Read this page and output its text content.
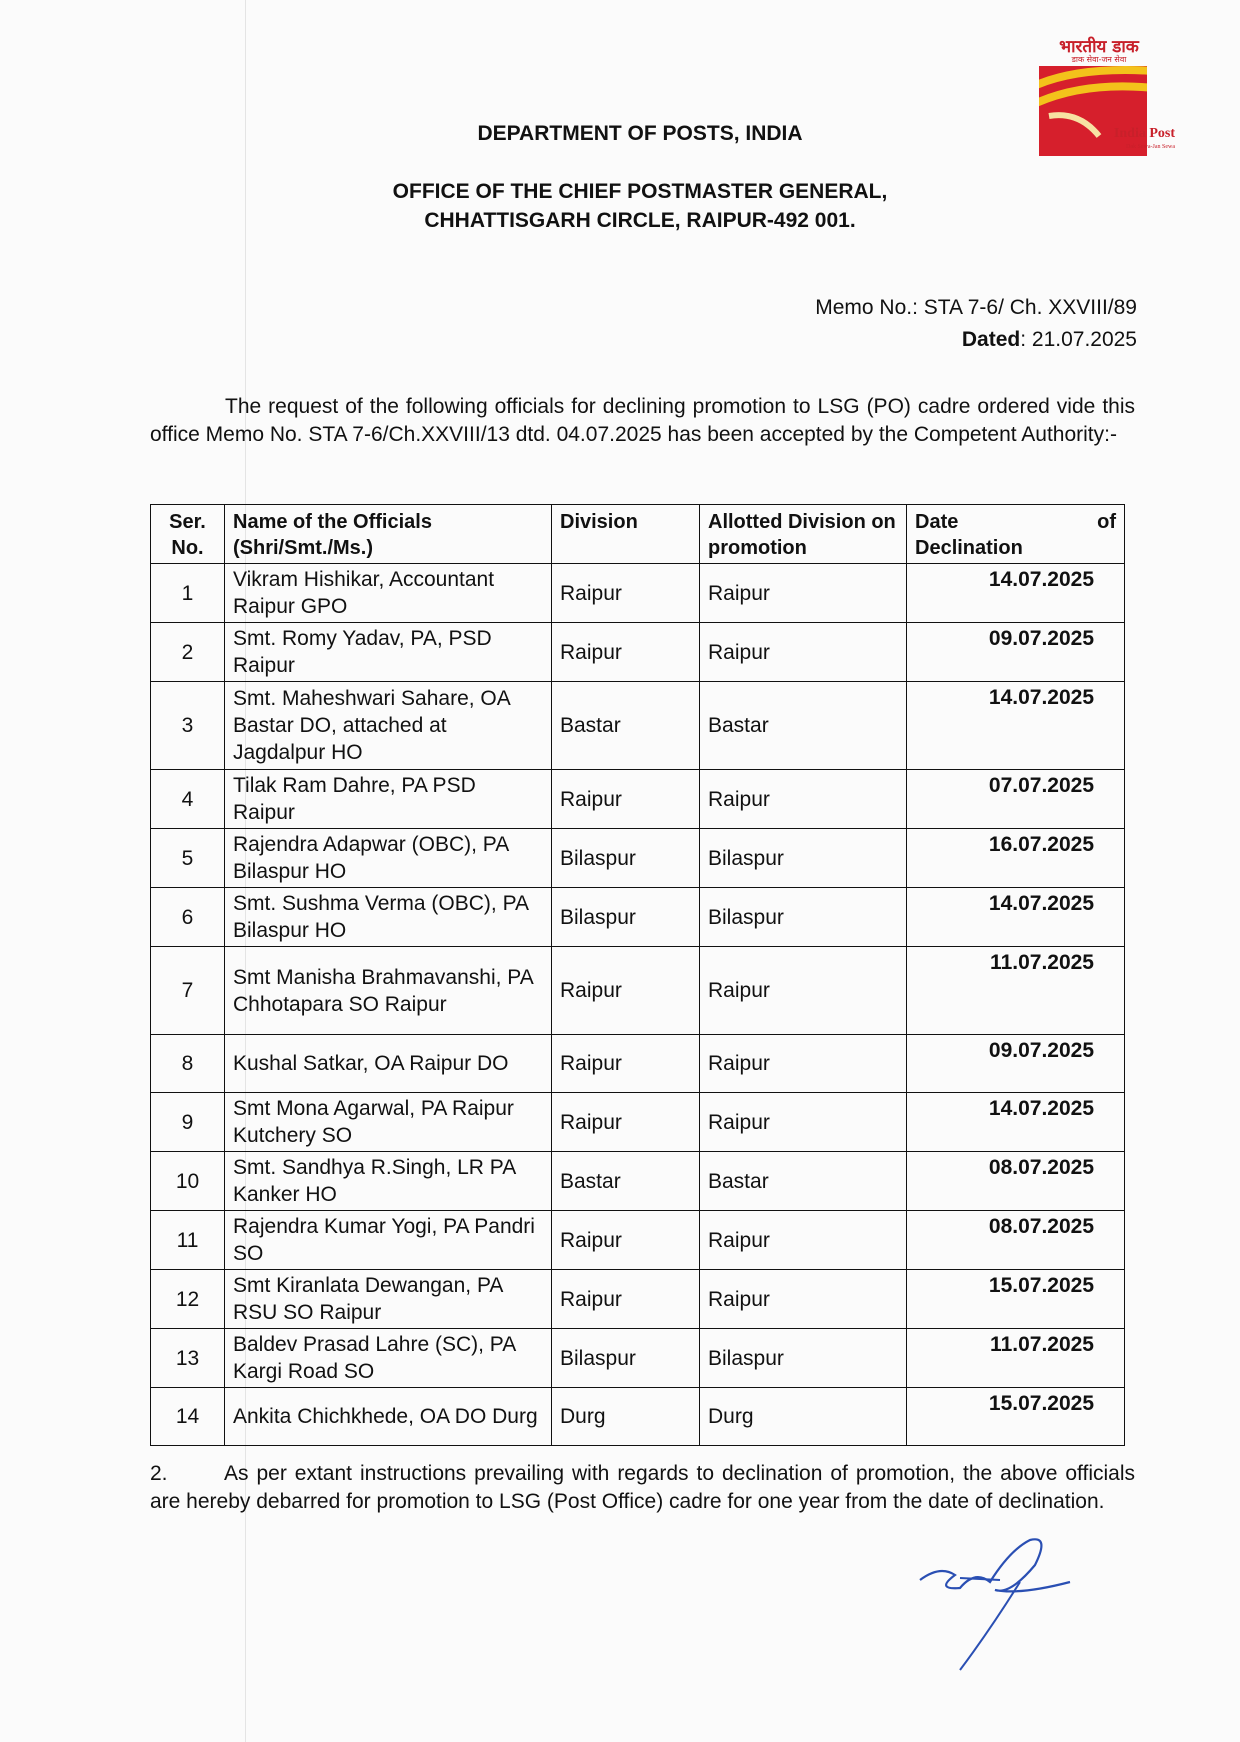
भारतीय डाक
डाक सेवा-जन सेवा
India Post
Dak Sewa-Jan Sewa
DEPARTMENT OF POSTS, INDIA
OFFICE OF THE CHIEF POSTMASTER GENERAL,
CHHATTISGARH CIRCLE, RAIPUR-492 001.
Memo No.: STA 7-6/ Ch. XXVIII/89
Dated: 21.07.2025
The request of the following officials for declining promotion to LSG (PO) cadre ordered vide this office Memo No. STA 7-6/Ch.XXVIII/13 dtd. 04.07.2025 has been accepted by the Competent Authority:-
Ser. No.	Name of the Officials (Shri/Smt./Ms.)	Division	Allotted Division on promotion	Date of
Declination

1	Vikram Hishikar, Accountant Raipur GPO	Raipur	Raipur	14.07.2025
2	Smt. Romy Yadav, PA, PSD Raipur	Raipur	Raipur	09.07.2025
3	Smt. Maheshwari Sahare, OA Bastar DO, attached at Jagdalpur HO	Bastar	Bastar	14.07.2025
4	Tilak Ram Dahre, PA PSD Raipur	Raipur	Raipur	07.07.2025
5	Rajendra Adapwar (OBC), PA Bilaspur HO	Bilaspur	Bilaspur	16.07.2025
6	Smt. Sushma Verma (OBC), PA Bilaspur HO	Bilaspur	Bilaspur	14.07.2025
7	Smt Manisha Brahmavanshi, PA Chhotapara SO Raipur	Raipur	Raipur	11.07.2025
8	Kushal Satkar, OA Raipur DO	Raipur	Raipur	09.07.2025
9	Smt Mona Agarwal, PA Raipur Kutchery SO	Raipur	Raipur	14.07.2025
10	Smt. Sandhya R.Singh, LR PA Kanker HO	Bastar	Bastar	08.07.2025
11	Rajendra Kumar Yogi, PA Pandri SO	Raipur	Raipur	08.07.2025
12	Smt Kiranlata Dewangan, PA RSU SO Raipur	Raipur	Raipur	15.07.2025
13	Baldev Prasad Lahre (SC), PA Kargi Road SO	Bilaspur	Bilaspur	11.07.2025
14	Ankita Chichkhede, OA DO Durg	Durg	Durg	15.07.2025
2.	As per extant instructions prevailing with regards to declination of promotion, the above officials are hereby debarred for promotion to LSG (Post Office) cadre for one year from the date of declination.
